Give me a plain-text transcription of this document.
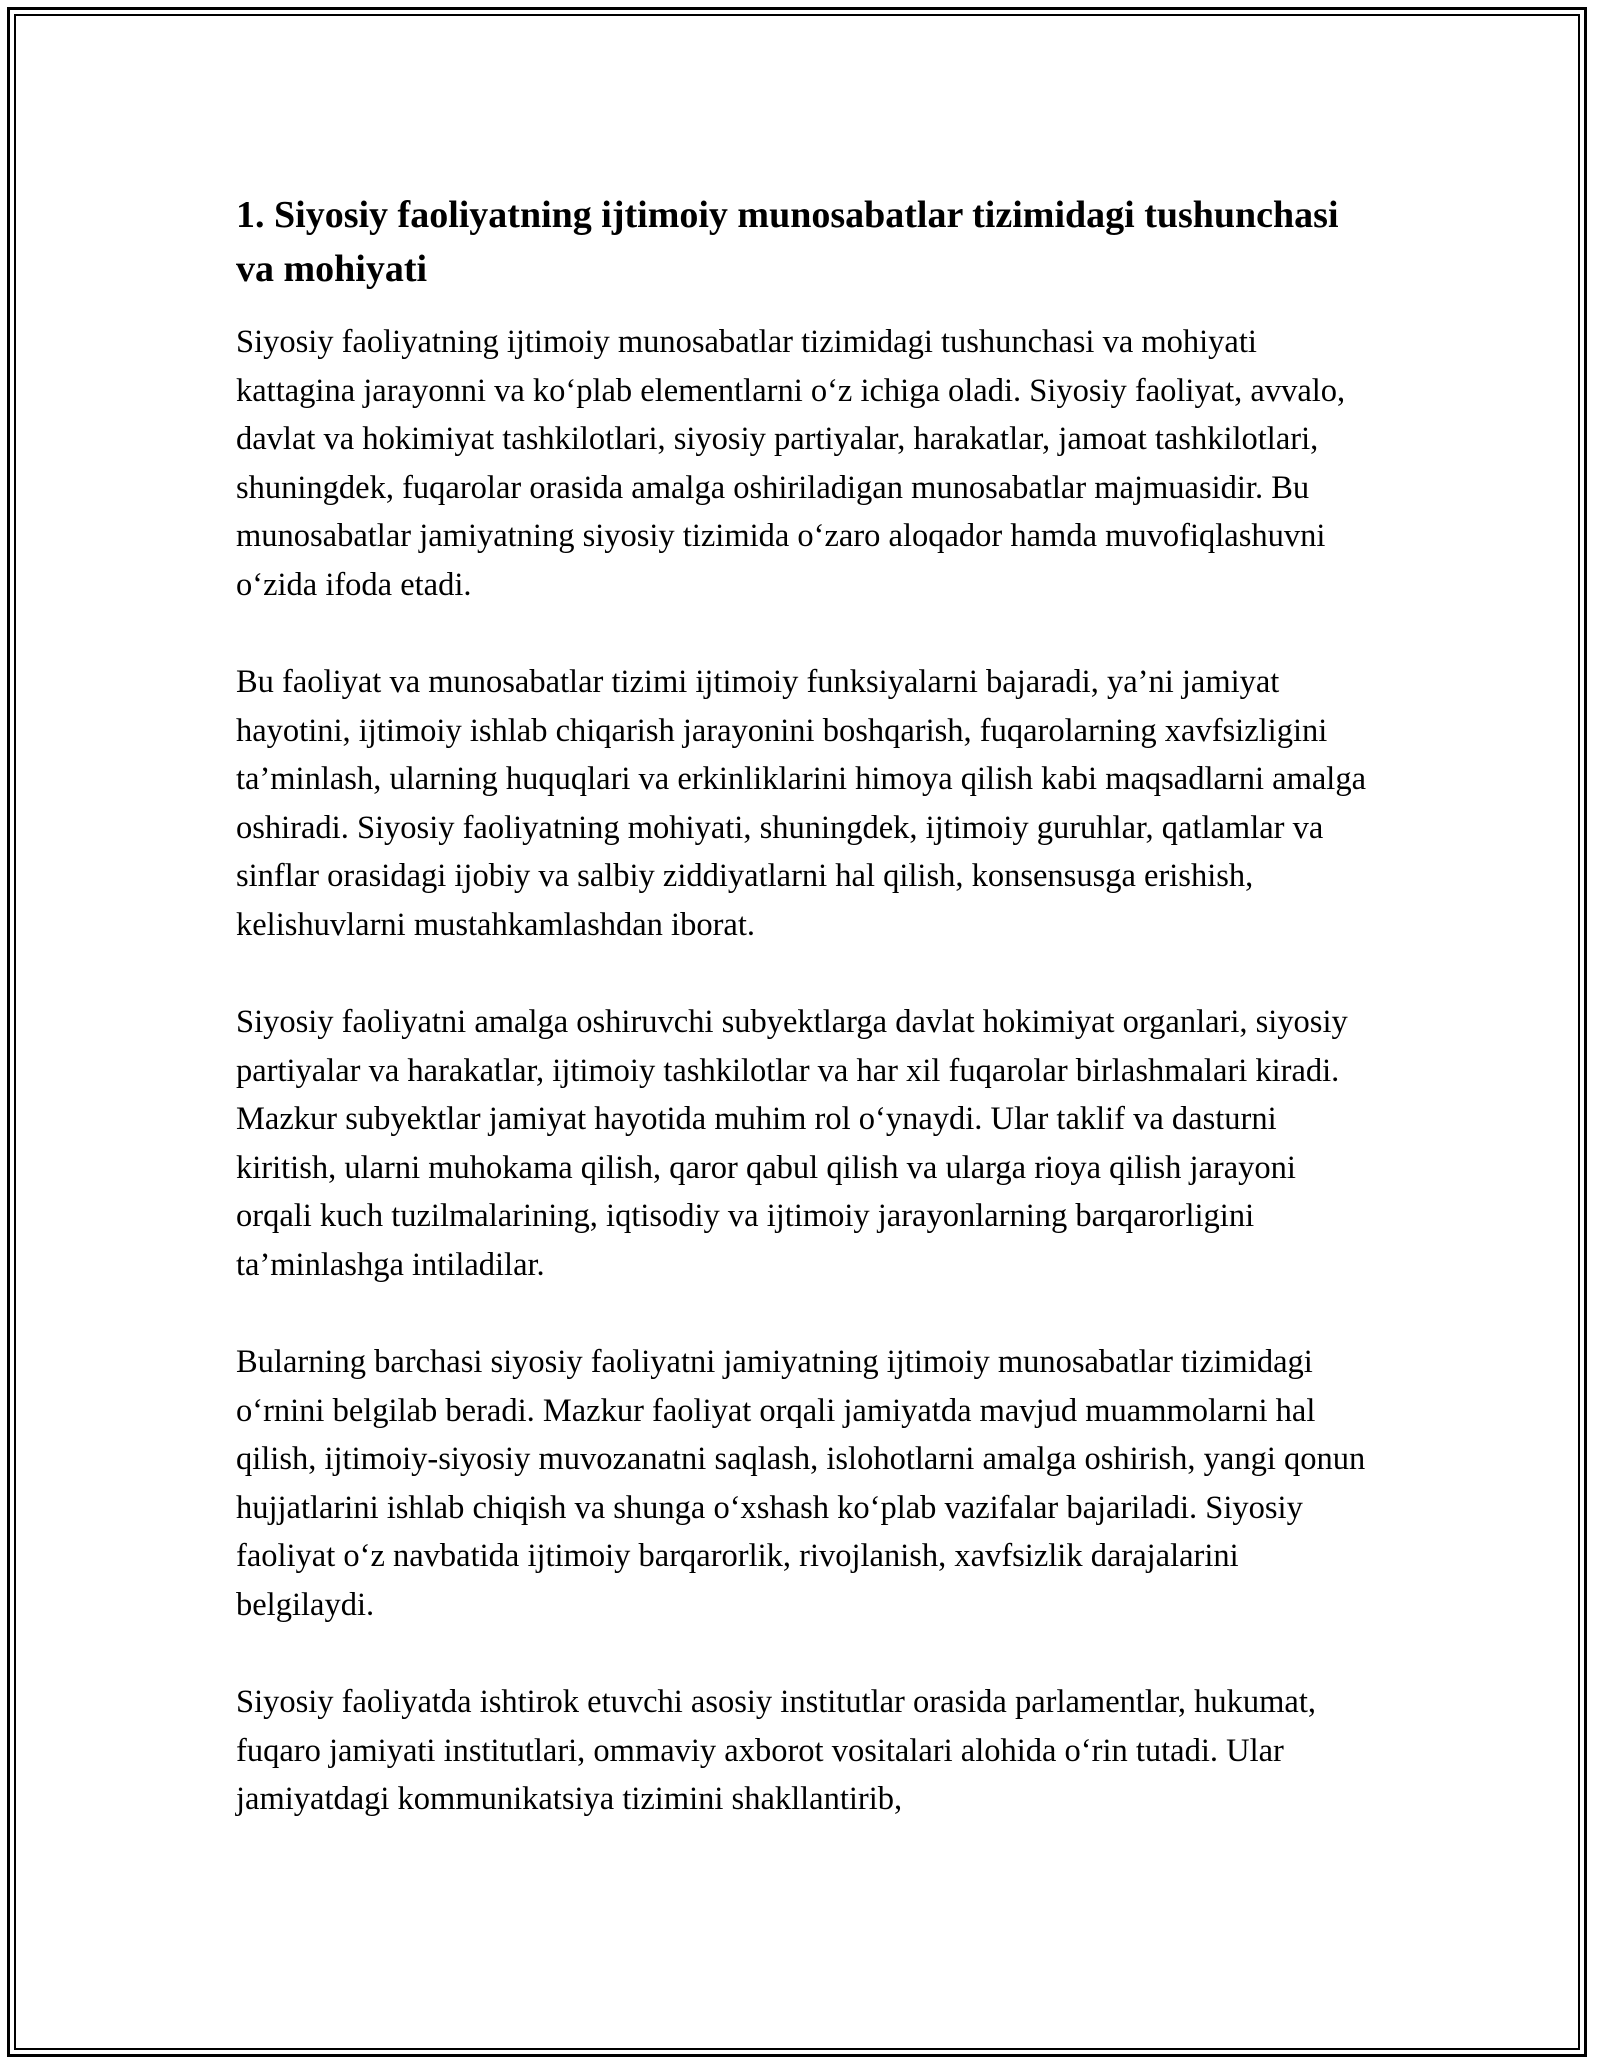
1. Siyosiy faoliyatning ijtimoiy munosabatlar tizimidagi tushunchasi va mohiyati

Siyosiy faoliyatning ijtimoiy munosabatlar tizimidagi tushunchasi va mohiyati kattagina jarayonni va ko‘plab elementlarni o‘z ichiga oladi. Siyosiy faoliyat, avvalo, davlat va hokimiyat tashkilotlari, siyosiy partiyalar, harakatlar, jamoat tashkilotlari, shuningdek, fuqarolar orasida amalga oshiriladigan munosabatlar majmuasidir. Bu munosabatlar jamiyatning siyosiy tizimida o‘zaro aloqador hamda muvofiqlashuvni o‘zida ifoda etadi.

Bu faoliyat va munosabatlar tizimi ijtimoiy funksiyalarni bajaradi, ya’ni jamiyat hayotini, ijtimoiy ishlab chiqarish jarayonini boshqarish, fuqarolarning xavfsizligini ta’minlash, ularning huquqlari va erkinliklarini himoya qilish kabi maqsadlarni amalga oshiradi. Siyosiy faoliyatning mohiyati, shuningdek, ijtimoiy guruhlar, qatlamlar va sinflar orasidagi ijobiy va salbiy ziddiyatlarni hal qilish, konsensusga erishish, kelishuvlarni mustahkamlashdan iborat.

Siyosiy faoliyatni amalga oshiruvchi subyektlarga davlat hokimiyat organlari, siyosiy partiyalar va harakatlar, ijtimoiy tashkilotlar va har xil fuqarolar birlashmalari kiradi. Mazkur subyektlar jamiyat hayotida muhim rol o‘ynaydi. Ular taklif va dasturni kiritish, ularni muhokama qilish, qaror qabul qilish va ularga rioya qilish jarayoni orqali kuch tuzilmalarining, iqtisodiy va ijtimoiy jarayonlarning barqarorligini ta’minlashga intiladilar.

Bularning barchasi siyosiy faoliyatni jamiyatning ijtimoiy munosabatlar tizimidagi o‘rnini belgilab beradi. Mazkur faoliyat orqali jamiyatda mavjud muammolarni hal qilish, ijtimoiy-siyosiy muvozanatni saqlash, islohotlarni amalga oshirish, yangi qonun hujjatlarini ishlab chiqish va shunga o‘xshash ko‘plab vazifalar bajariladi. Siyosiy faoliyat o‘z navbatida ijtimoiy barqarorlik, rivojlanish, xavfsizlik darajalarini belgilaydi.

Siyosiy faoliyatda ishtirok etuvchi asosiy institutlar orasida parlamentlar, hukumat, fuqaro jamiyati institutlari, ommaviy axborot vositalari alohida o‘rin tutadi. Ular jamiyatdagi kommunikatsiya tizimini shakllantirib,
